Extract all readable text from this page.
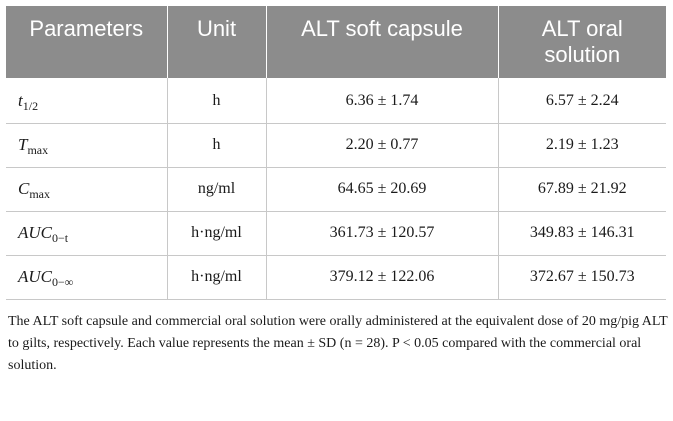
Parameters	Unit	ALT soft capsule	ALT oral solution
$t_{1/2}$	h	6.36 ± 1.74	6.57 ± 2.24
$T_{max}$	h	2.20 ± 0.77	2.19 ± 1.23
$C_{max}$	ng/ml	64.65 ± 20.69	67.89 ± 21.92
$AUC_{0-t}$	h·ng/ml	361.73 ± 120.57	349.83 ± 146.31
$AUC_{0-\infty}$	h·ng/ml	379.12 ± 122.06	372.67 ± 150.73

The ALT soft capsule and commercial oral solution were orally administered at the equivalent dose of 20 mg/pig ALT to gilts, respectively. Each value represents the mean ± SD (n = 28). P < 0.05 compared with the commercial oral solution.
